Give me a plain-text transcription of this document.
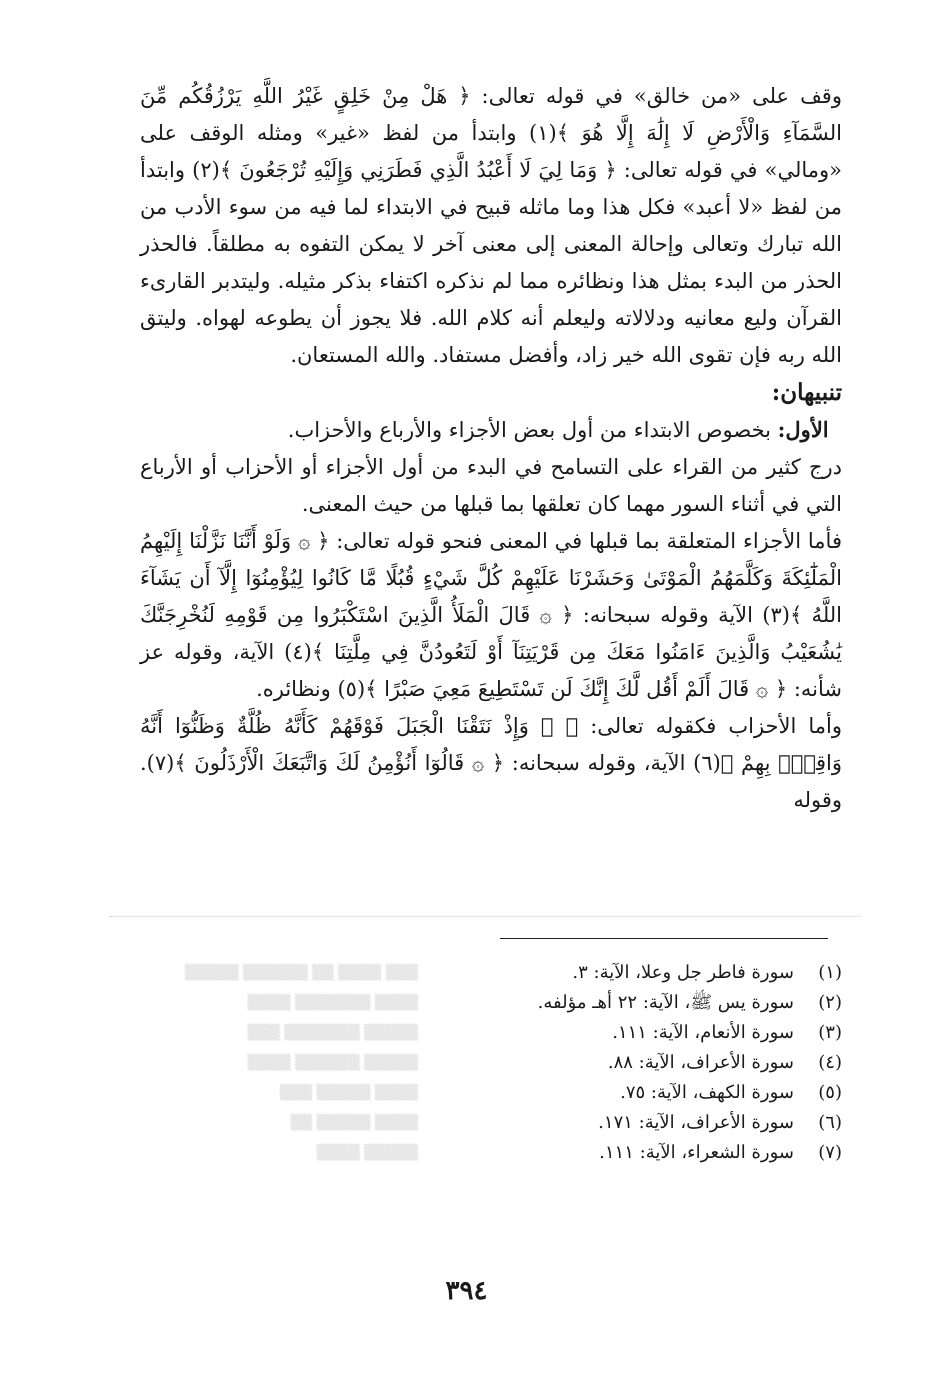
وقف على «من خالق» في قوله تعالى: ﴿ هَلْ مِنْ خَلِقٍ غَيْرُ اللَّهِ يَرْزُقُكُم مِّنَ السَّمَآءِ وَالْأَرْضِ لَا إِلَٰهَ إِلَّا هُوَ ﴾(١) وابتدأ من لفظ «غير» ومثله الوقف على «ومالي» في قوله تعالى: ﴿ وَمَا لِيَ لَا أَعْبُدُ الَّذِي فَطَرَنِي وَإِلَيْهِ تُرْجَعُونَ ﴾(٢) وابتدأ من لفظ «لا أعبد» فكل هذا وما ماثله قبيح في الابتداء لما فيه من سوء الأدب من الله تبارك وتعالى وإحالة المعنى إلى معنى آخر لا يمكن التفوه به مطلقاً. فالحذر الحذر من البدء بمثل هذا ونظائره مما لم نذكره اكتفاء بذكر مثيله. وليتدبر القارىء القرآن وليع معانيه ودلالاته وليعلم أنه كلام الله. فلا يجوز أن يطوعه لهواه. وليتق الله ربه فإن تقوى الله خير زاد، وأفضل مستفاد. والله المستعان.

تنبيهان:

الأول: بخصوص الابتداء من أول بعض الأجزاء والأرباع والأحزاب.

درج كثير من القراء على التسامح في البدء من أول الأجزاء أو الأحزاب أو الأرباع التي في أثناء السور مهما كان تعلقها بما قبلها من حيث المعنى.

فأما الأجزاء المتعلقة بما قبلها في المعنى فنحو قوله تعالى: ﴿ ۞ وَلَوْ أَنَّنَا نَزَّلْنَا إِلَيْهِمُ الْمَلَٰٓئِكَةَ وَكَلَّمَهُمُ الْمَوْتَىٰ وَحَشَرْنَا عَلَيْهِمْ كُلَّ شَيْءٍ قُبُلًا مَّا كَانُوا لِيُؤْمِنُوٓا إِلَّآ أَن يَشَآءَ اللَّهُ ﴾(٣) الآية وقوله سبحانه: ﴿ ۞ قَالَ الْمَلَأُ الَّذِينَ اسْتَكْبَرُوا مِن قَوْمِهِ لَنُخْرِجَنَّكَ يَٰشُعَيْبُ وَالَّذِينَ ءَامَنُوا مَعَكَ مِن قَرْيَتِنَآ أَوْ لَتَعُودُنَّ فِي مِلَّتِنَا ﴾(٤) الآية، وقوله عز شأنه: ﴿ ۞ قَالَ أَلَمْ أَقُل لَّكَ إِنَّكَ لَن تَسْتَطِيعَ مَعِيَ صَبْرًا ﴾(٥) ونظائره.

وأما الأحزاب فكقوله تعالى: ﴿ ۞ وَإِذْ نَتَقْنَا الْجَبَلَ فَوْقَهُمْ كَأَنَّهُ ظُلَّةٌ وَظَنُّوٓا أَنَّهُ وَاقِعٌۢ بِهِمْ ﴾(٦) الآية، وقوله سبحانه: ﴿ ۞ قَالُوٓا أَنُؤْمِنُ لَكَ وَاتَّبَعَكَ الْأَرْذَلُونَ ﴾(٧). وقوله

▒▒▒ ▒▒▒▒ ▒▒ ▒▒▒▒▒▒ ▒▒▒▒▒
▒▒▒▒ ▒▒▒▒▒▒▒ ▒▒▒▒
▒▒▒▒▒ ▒▒▒▒▒▒▒ ▒▒▒
▒▒▒▒▒ ▒▒▒▒▒▒ ▒▒▒▒
▒▒▒▒ ▒▒▒▒▒ ▒▒▒
▒▒▒▒ ▒▒▒▒▒ ▒▒
▒▒▒▒▒ ▒▒▒▒
(١)
سورة فاطر جل وعلا، الآية: ٣.
(٢)
سورة يس ﷺ، الآية: ٢٢ أهـ مؤلفه.
(٣)
سورة الأنعام، الآية: ١١١.
(٤)
سورة الأعراف، الآية: ٨٨.
(٥)
سورة الكهف، الآية: ٧٥.
(٦)
سورة الأعراف، الآية: ١٧١.
(٧)
سورة الشعراء، الآية: ١١١.
٣٩٤
